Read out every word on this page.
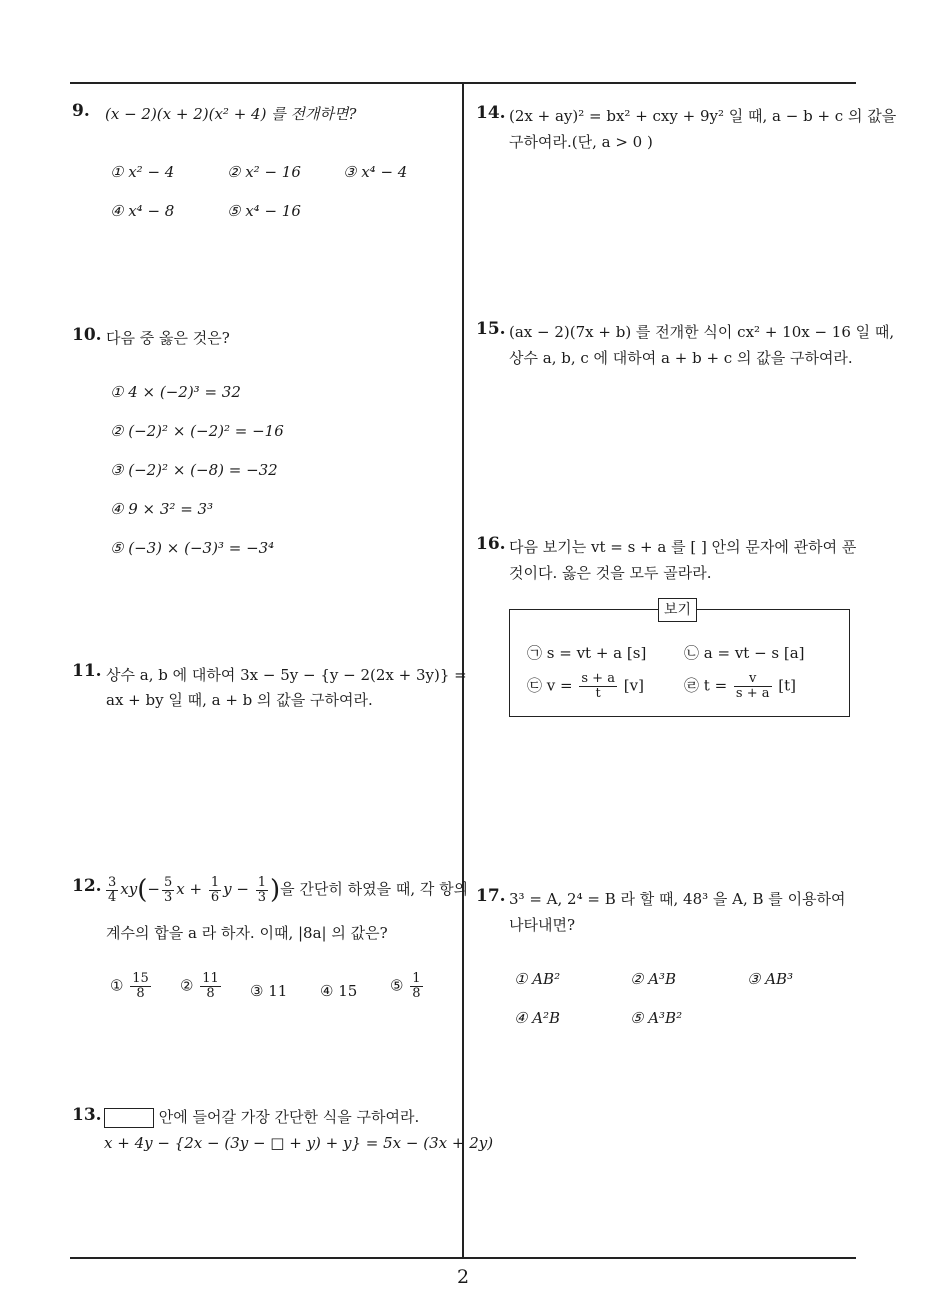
9. (x − 2)(x + 2)(x² + 4) 를 전개하면?
① x² − 4	② x² − 16	③ x⁴ − 4
④ x⁴ − 8	⑤ x⁴ − 16
10. 다음 중 옳은 것은?
① 4 × (−2)³ = 32
② (−2)² × (−2)² = −16
③ (−2)² × (−8) = −32
④ 9 × 3² = 3³
⑤ (−3) × (−3)³ = −3⁴
11. 상수 a, b 에 대하여 3x − 5y − {y − 2(2x + 3y)} =
ax + by 일 때, a + b 의 값을 구하여라.
12. $\frac{3}{4} xy(- \frac{5}{3}$ $x + \frac{1}{6}$ $y - \frac{1}{3}$ )을 간단히 하였을 때, 각 항의
계수의 합을 a 라 하자. 이때, |8a| 의 값은?
① $\frac{15}{8}$ ② $\frac{11}{8}$ ③ 11 ④ 15 ⑤ $\frac{1}{8}$
13.	안에 들어갈 가장 간단한 식을 구하여라.
x + 4y − {2x − (3y − □ + y) + y} = 5x − (3x + 2y)
14. (2x + ay)² = bx² + cxy + 9y² 일 때, a − b + c 의 값을
구하여라.(단, a > 0 )
15. (ax − 2)(7x + b) 를 전개한 식이 cx² + 10x − 16 일 때,
상수 a, b, c 에 대하여 a + b + c 의 값을 구하여라.
16. 다음 보기는 vt = s + a 를 [ ] 안의 문자에 관하여 푼
것이다. 옳은 것을 모두 골라라.
보기
㉠ s = vt + a [s]	㉡ a = vt − s [a]
㉢ $v = \frac{s + a}{t} [v]$	㉣ $t = \frac{v}{s + a} [t]$
17. 3³ = A, 2⁴ = B 라 할 때, 48³ 을 A, B 를 이용하여
나타내면?
① AB²	② A³B	③ AB³
④ A²B	⑤ A³B²
2
